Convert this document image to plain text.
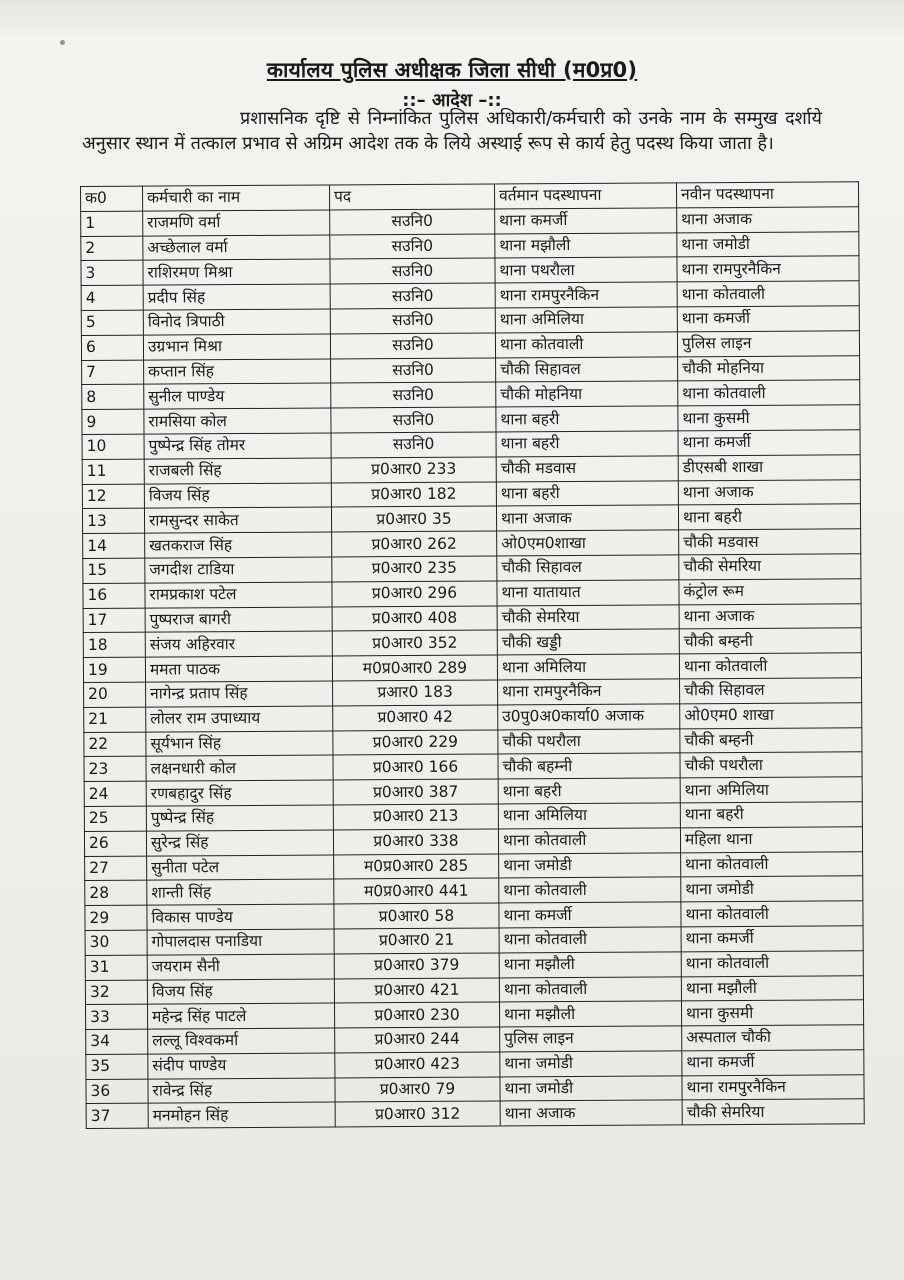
कार्यालय पुलिस अधीक्षक जिला सीधी (म0प्र0)
::– आदेश –::
प्रशासनिक दृष्टि से निम्नांकित पुलिस अधिकारी/कर्मचारी को उनके नाम के सम्मुख दर्शाये अनुसार स्थान में तत्काल प्रभाव से अग्रिम आदेश तक के लिये अस्थाई रूप से कार्य हेतु पदस्थ किया जाता है।
क0	कर्मचारी का नाम	पद	वर्तमान पदस्थापना	नवीन पदस्थापना
1	राजमणि वर्मा	सउनि0	थाना कमर्जी	थाना अजाक
2	अच्छेलाल वर्मा	सउनि0	थाना मझौली	थाना जमोडी
3	राशिरमण मिश्रा	सउनि0	थाना पथरौला	थाना रामपुरनैकिन
4	प्रदीप सिंह	सउनि0	थाना रामपुरनैकिन	थाना कोतवाली
5	विनोद त्रिपाठी	सउनि0	थाना अमिलिया	थाना कमर्जी
6	उग्रभान मिश्रा	सउनि0	थाना कोतवाली	पुलिस लाइन
7	कप्तान सिंह	सउनि0	चौकी सिहावल	चौकी मोहनिया
8	सुनील पाण्डेय	सउनि0	चौकी मोहनिया	थाना कोतवाली
9	रामसिया कोल	सउनि0	थाना बहरी	थाना कुसमी
10	पुष्पेन्द्र सिंह तोमर	सउनि0	थाना बहरी	थाना कमर्जी
11	राजबली सिंह	प्र0आर0 233	चौकी मडवास	डीएसबी शाखा
12	विजय सिंह	प्र0आर0 182	थाना बहरी	थाना अजाक
13	रामसुन्दर साकेत	प्र0आर0 35	थाना अजाक	थाना बहरी
14	खतकराज सिंह	प्र0आर0 262	ओ0एम0शाखा	चौकी मडवास
15	जगदीश टाडिया	प्र0आर0 235	चौकी सिहावल	चौकी सेमरिया
16	रामप्रकाश पटेल	प्र0आर0 296	थाना यातायात	कंट्रोल रूम
17	पुष्पराज बागरी	प्र0आर0 408	चौकी सेमरिया	थाना अजाक
18	संजय अहिरवार	प्र0आर0 352	चौकी खड्डी	चौकी बम्हनी
19	ममता पाठक	म0प्र0आर0 289	थाना अमिलिया	थाना कोतवाली
20	नागेन्द्र प्रताप सिंह	प्रआर0 183	थाना रामपुरनैकिन	चौकी सिहावल
21	लोलर राम उपाध्याय	प्र0आर0 42	उ0पु0अ0कार्या0 अजाक	ओ0एम0 शाखा
22	सूर्यभान सिंह	प्र0आर0 229	चौकी पथरौला	चौकी बम्हनी
23	लक्षनधारी कोल	प्र0आर0 166	चौकी बहम्नी	चौकी पथरौला
24	रणबहादुर सिंह	प्र0आर0 387	थाना बहरी	थाना अमिलिया
25	पुष्पेन्द्र सिंह	प्र0आर0 213	थाना अमिलिया	थाना बहरी
26	सुरेन्द्र सिंह	प्र0आर0 338	थाना कोतवाली	महिला थाना
27	सुनीता पटेल	म0प्र0आर0 285	थाना जमोडी	थाना कोतवाली
28	शान्ती सिंह	म0प्र0आर0 441	थाना कोतवाली	थाना जमोडी
29	विकास पाण्डेय	प्र0आर0 58	थाना कमर्जी	थाना कोतवाली
30	गोपालदास पनाडिया	प्र0आर0 21	थाना कोतवाली	थाना कमर्जी
31	जयराम सैनी	प्र0आर0 379	थाना मझौली	थाना कोतवाली
32	विजय सिंह	प्र0आर0 421	थाना कोतवाली	थाना मझौली
33	महेन्द्र सिंह पाटले	प्र0आर0 230	थाना मझौली	थाना कुसमी
34	लल्लू विश्वकर्मा	प्र0आर0 244	पुलिस लाइन	अस्पताल चौकी
35	संदीप पाण्डेय	प्र0आर0 423	थाना जमोडी	थाना कमर्जी
36	रावेन्द्र सिंह	प्र0आर0 79	थाना जमोडी	थाना रामपुरनैकिन
37	मनमोहन सिंह	प्र0आर0 312	थाना अजाक	चौकी सेमरिया
